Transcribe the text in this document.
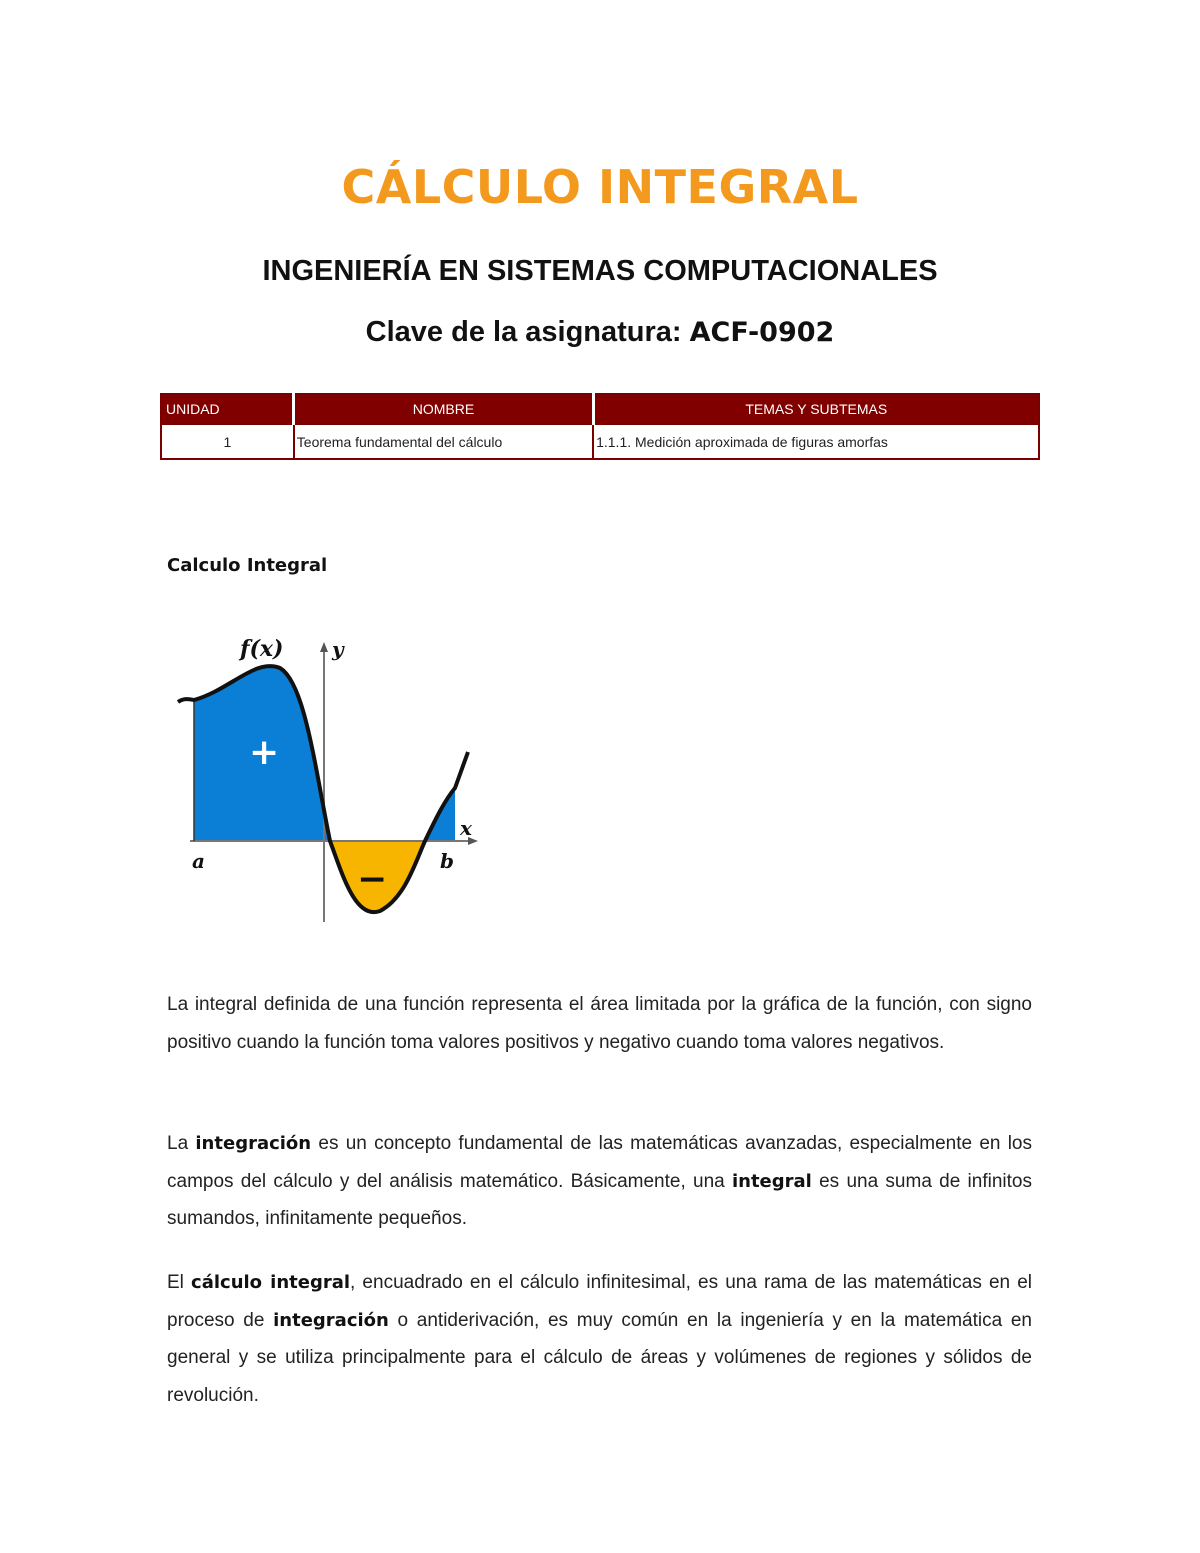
CÁLCULO INTEGRAL
INGENIERÍA EN SISTEMAS COMPUTACIONALES
Clave de la asignatura: ACF-0902
UNIDAD	NOMBRE	TEMAS Y SUBTEMAS
1	Teorema fundamental del cálculo	1.1.1. Medición aproximada de figuras amorfas
Calculo Integral
f(x) y
x
a	b
+
−

La integral definida de una función representa el área limitada por la gráfica de la función, con signo positivo cuando la función toma valores positivos y negativo cuando toma valores negativos.

La integración es un concepto fundamental de las matemáticas avanzadas, especialmente en los campos del cálculo y del análisis matemático. Básicamente, una integral es una suma de infinitos sumandos, infinitamente pequeños.

El cálculo integral, encuadrado en el cálculo infinitesimal, es una rama de las matemáticas en el proceso de integración o antiderivación, es muy común en la ingeniería y en la matemática en general y se utiliza principalmente para el cálculo de áreas y volúmenes de regiones y sólidos de revolución.
